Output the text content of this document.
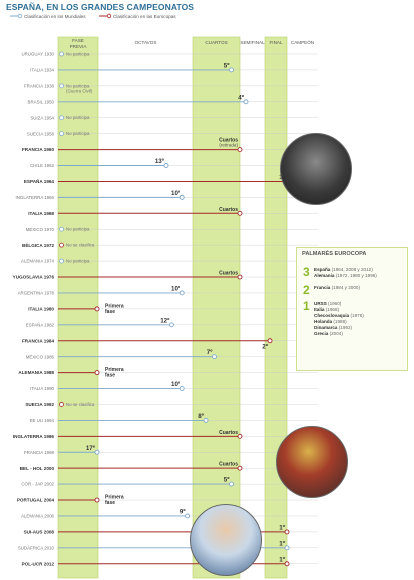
ESPAÑA, EN LOS GRANDES CAMPEONATOS
FASE
PREVIA
OCTAVOS	CUARTOS	SEMIFINAL FINAL CAMPEÓN
Clasificación en los Mundiales	Clasificación en las Eurocopas
URUGUAY 1930	No participa
ITALIA 1934
5º
FRANCIA 1938	No participa
(Guerra Civil)
BRASIL 1950
4º
SUIZA 1954	No participa
SUECIA 1958	No participa
FRANCIA 1960
Cuartos
(retirada)
CHILE 1962
13º
ESPAÑA 1964
INGLATERRA 1966
10º
ITALIA 1968
Cuartos
MÉXICO 1970	No participa
BÉLGICA 1972	No se clasifica
ALEMANIA 1974	No participa
YUGOSLAVIA 1976
Cuartos
ARGENTINA 1978
10º
ITALIA 1980	Primera
fase
ESPAÑA 1982
12º
FRANCIA 1984
2º
MÉXICO 1986
7º
ALEMANIA 1988	Primera
fase
ITALIA 1990
10º
SUECIA 1992	No se clasifica
EE UU 1994
8º
INGLATERRA 1996
Cuartos
FRANCIA 1998
17º
BEL - HOL 2000
Cuartos
COR - JAP 2002
5º
PORTUGAL 2004	Primera
fase
ALEMANIA 2006
9º
SUI-AUS 2008
1º
SUDÁFRICA 2010
1º
POL-UCR 2012
1º
PALMARÉS EUROCOPA
3 España (1964, 2008 y 2012)
Alemania (1972, 1980 y 1996)
2 Francia (1984 y 2000)
1 URSS (1960)
Italia (1968)
Checoslovaquia (1976)
Holanda (1988)
Dinamarca (1992)
Grecia (2004)
